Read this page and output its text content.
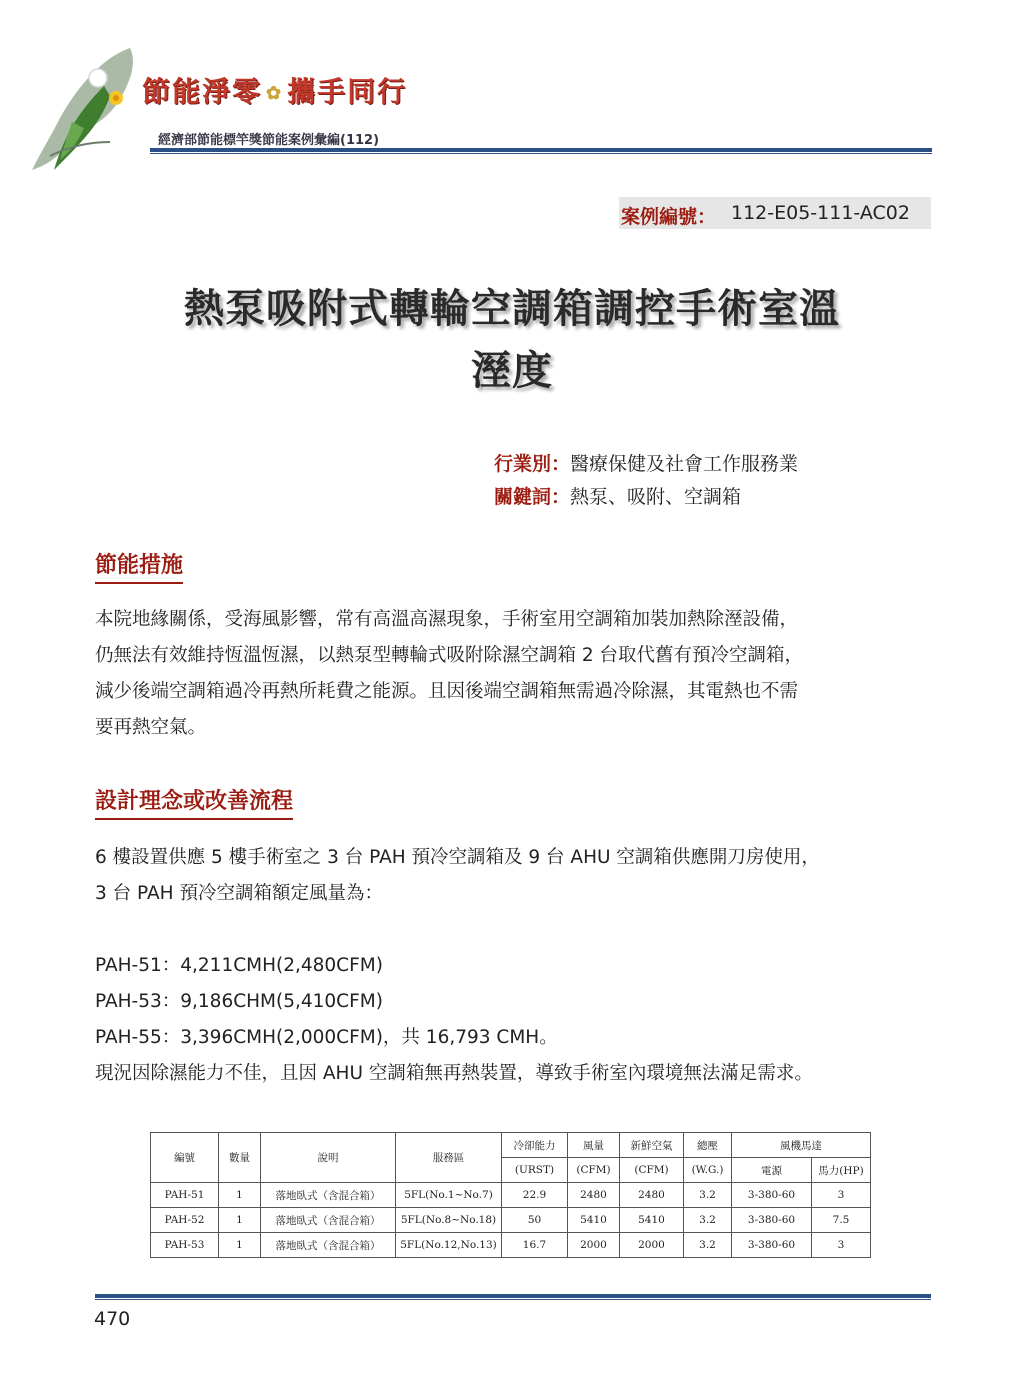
節能淨零 ✿ 攜手同行
經濟部節能標竿獎節能案例彙編(112)
案例編號： 112-E05-111-AC02
熱泵吸附式轉輪空調箱調控手術室溫
溼度
行業別：醫療保健及社會工作服務業
關鍵詞：熱泵、吸附、空調箱
節能措施
本院地緣關係，受海風影響，常有高溫高濕現象，手術室用空調箱加裝加熱除溼設備，
仍無法有效維持恆溫恆濕，以熱泵型轉輪式吸附除濕空調箱 2 台取代舊有預冷空調箱，
減少後端空調箱過冷再熱所耗費之能源。且因後端空調箱無需過冷除濕，其電熱也不需
要再熱空氣。
設計理念或改善流程
6 樓設置供應 5 樓手術室之 3 台 PAH 預冷空調箱及 9 台 AHU 空調箱供應開刀房使用，
3 台 PAH 預冷空調箱額定風量為：
PAH-51：4,211CMH(2,480CFM)
PAH-53：9,186CHM(5,410CFM)
PAH-55：3,396CMH(2,000CFM)，共 16,793 CMH。
現況因除濕能力不佳，且因 AHU 空調箱無再熱裝置，導致手術室內環境無法滿足需求。
編號	數量	說明	服務區	冷卻能力	風量	新鮮空氣	總壓	風機馬達	
				(URST)	(CFM)	(CFM)	(W.G.)	電源	馬力(HP)
PAH-51	1	落地臥式（含混合箱）	5FL(No.1~No.7)	22.9	2480	2480	3.2	3-380-60	3
PAH-52	1	落地臥式（含混合箱）	5FL(No.8~No.18)	50	5410	5410	3.2	3-380-60	7.5
PAH-53	1	落地臥式（含混合箱）	5FL(No.12,No.13)	16.7	2000	2000	3.2	3-380-60	3
470
